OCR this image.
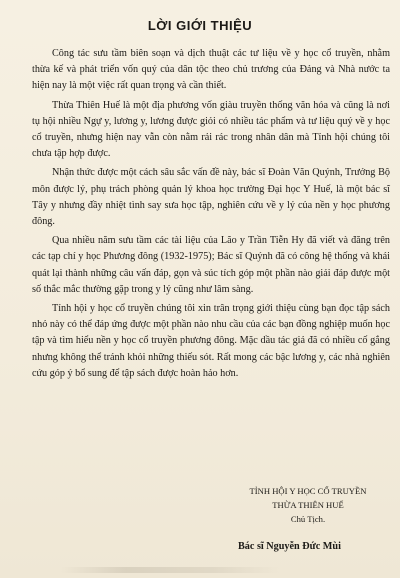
LỜI GIỚI THIỆU

Công tác sưu tầm biên soạn và dịch thuật các tư liệu về y học cổ truyền, nhằm thừa kế và phát triển vốn quý của dân tộc theo chủ trương của Đảng và Nhà nước ta hiện nay là một việc rất quan trọng và cần thiết.

Thừa Thiên Huế là một địa phương vốn giàu truyền thống văn hóa và cũng là nơi tụ hội nhiều Ngự y, lương y, lương được giỏi có nhiều tác phẩm và tư liệu quý về y học cổ truyền, nhưng hiện nay vẫn còn nằm rải rác trong nhân dân mà Tỉnh hội chúng tôi chưa tập hợp được.

Nhận thức được một cách sâu sắc vấn đề này, bác sĩ Đoàn Văn Quýnh, Trưởng Bộ môn được lý, phụ trách phòng quản lý khoa học trường Đại học Y Huế, là một bác sĩ Tây y nhưng đầy nhiệt tình say sưa học tập, nghiên cứu về y lý của nền y học phương đông.

Qua nhiều năm sưu tầm các tài liệu của Lão y Trần Tiễn Hy đã viết và đăng trên các tạp chí y học Phương đông (1932-1975); Bác sĩ Quýnh đã có công hệ thống và khái quát lại thành những câu vấn đáp, gọn và súc tích góp một phần nào giải đáp được một số thắc mắc thường gặp trong y lý cũng như lâm sàng.

Tỉnh hội y học cổ truyền chúng tôi xin trân trọng giới thiệu cùng bạn đọc tập sách nhỏ này có thể đáp ứng được một phần nào nhu cầu của các bạn đồng nghiệp muốn học tập và tìm hiểu nền y học cổ truyền phương đông. Mặc dầu tác giả đã có nhiều cố gắng nhưng không thể tránh khỏi những thiếu sót. Rất mong các bậc lương y, các nhà nghiên cứu góp ý bổ sung để tập sách được hoàn hảo hơn.

TỈNH HỘI Y HỌC CỔ TRUYỀN
THỪA THIÊN HUẾ
Chủ Tịch.
Bác sĩ Nguyễn Đức Mùi
